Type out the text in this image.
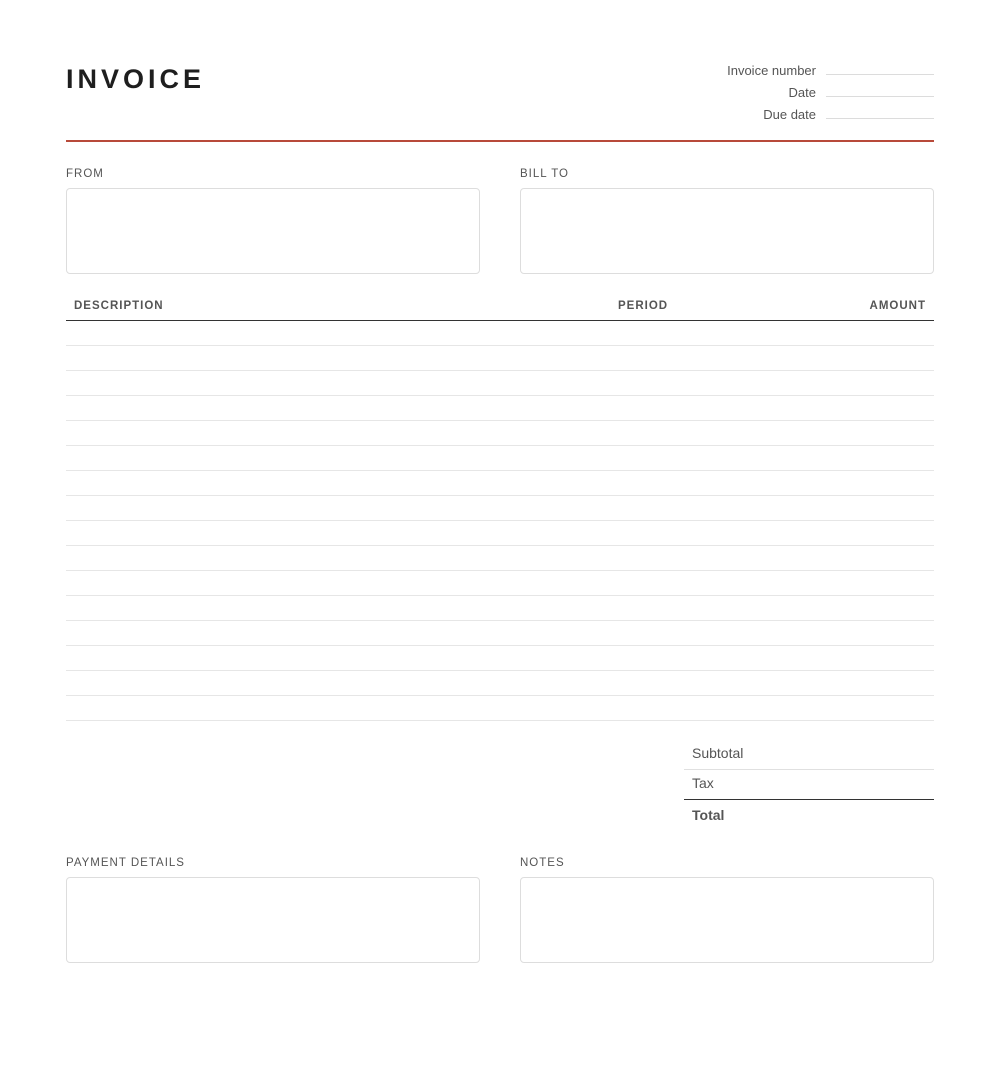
INVOICE	Invoice number
Date
Due date
FROM	BILL TO
DESCRIPTION	PERIOD	AMOUNT
Subtotal
Tax
Total
PAYMENT DETAILS	NOTES
